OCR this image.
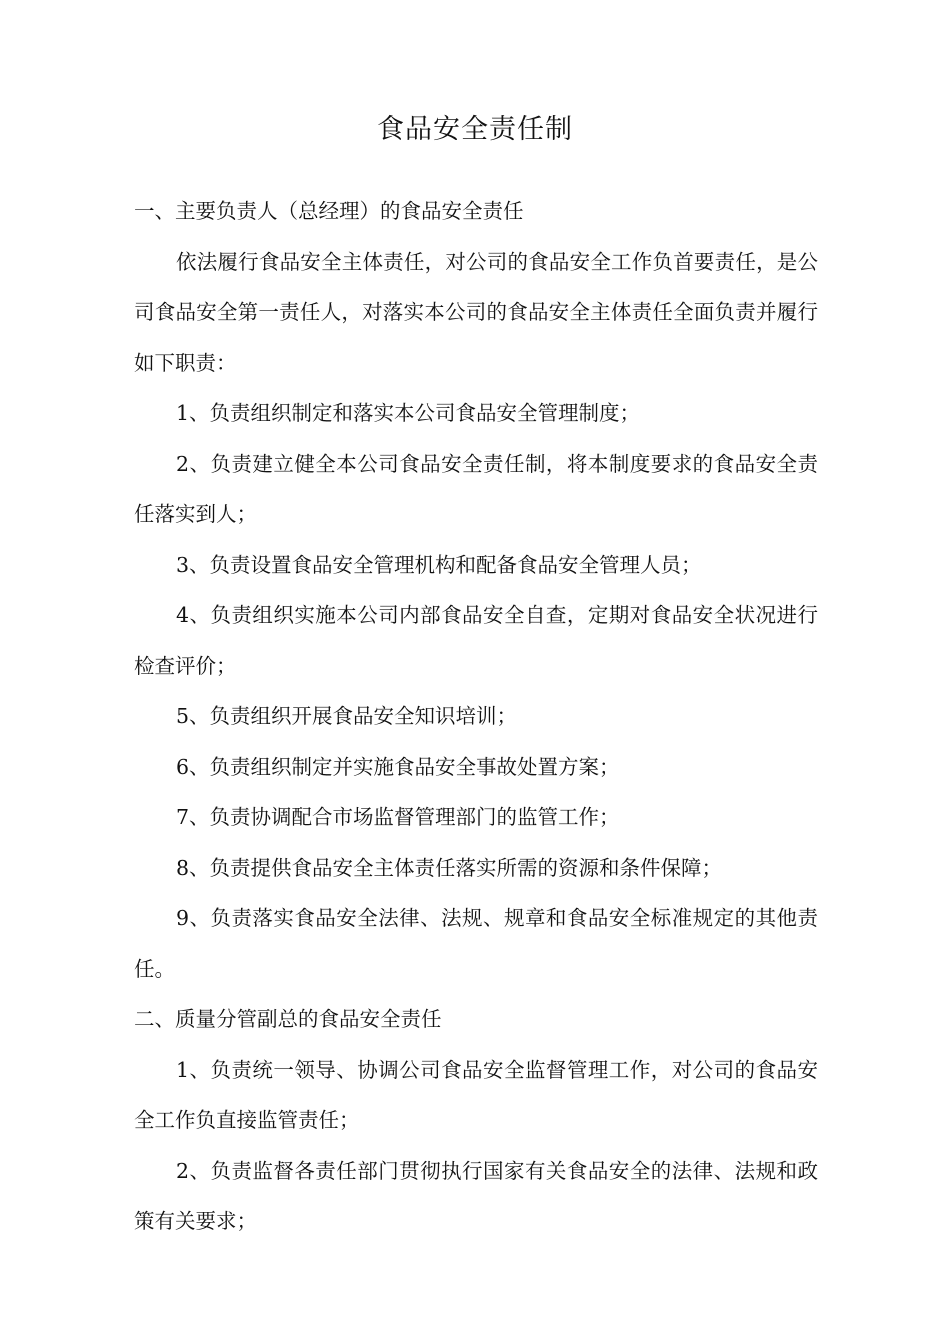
食品安全责任制

一、主要负责人（总经理）的食品安全责任

依法履行食品安全主体责任，对公司的食品安全工作负首要责任，是公司食品安全第一责任人，对落实本公司的食品安全主体责任全面负责并履行如下职责：

1、负责组织制定和落实本公司食品安全管理制度；

2、负责建立健全本公司食品安全责任制，将本制度要求的食品安全责任落实到人；

3、负责设置食品安全管理机构和配备食品安全管理人员；

4、负责组织实施本公司内部食品安全自查，定期对食品安全状况进行检查评价；

5、负责组织开展食品安全知识培训；

6、负责组织制定并实施食品安全事故处置方案；

7、负责协调配合市场监督管理部门的监管工作；

8、负责提供食品安全主体责任落实所需的资源和条件保障；

9、负责落实食品安全法律、法规、规章和食品安全标准规定的其他责任。

二、质量分管副总的食品安全责任

1、负责统一领导、协调公司食品安全监督管理工作，对公司的食品安全工作负直接监管责任；

2、负责监督各责任部门贯彻执行国家有关食品安全的法律、法规和政策有关要求；
